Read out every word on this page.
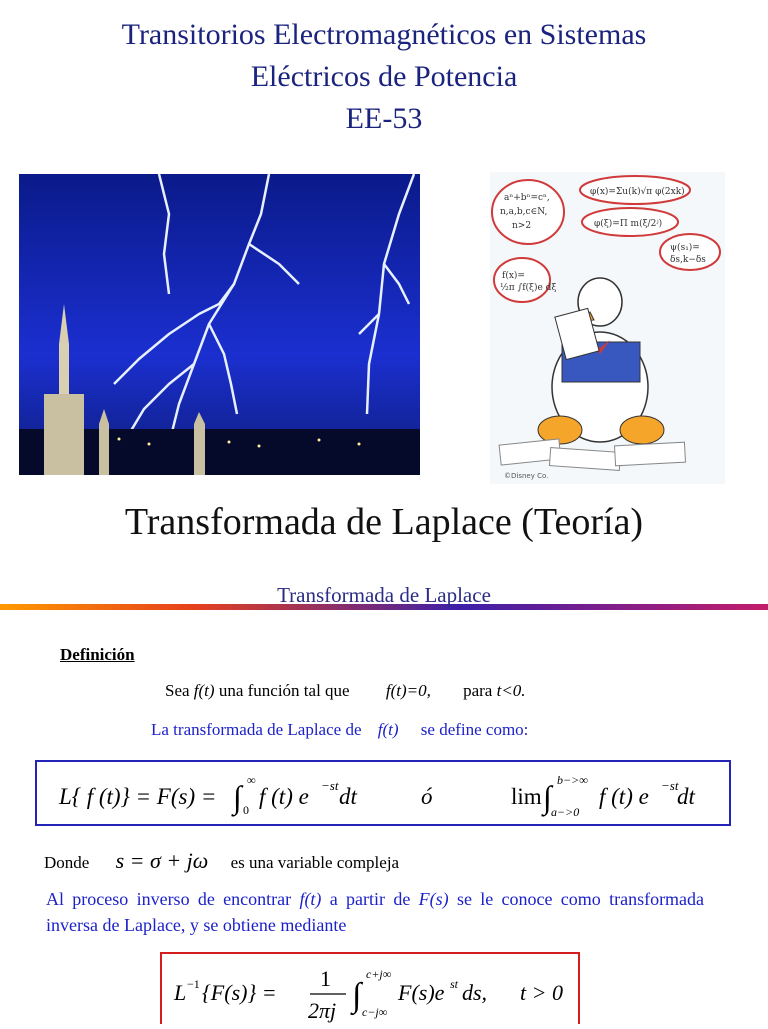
Transitorios Electromagnéticos en Sistemas
Eléctricos de Potencia
EE-53
aⁿ+bⁿ=cⁿ,
n,a,b,c∈N,
n>2
φ(x)=Σu(k)√π φ(2xk)
φ(ξ)=Π m(ξ/2ʲ)
ψ(s₁)=
δs,k−δs
f(x)=
½π ∫f(ξ)e dξ
©Disney Co.
Transformada de Laplace (Teoría)
Transformada de Laplace
Definición
Sea f(t) una función tal que f(t)=0, para t<0.
La transformada de Laplace de f(t) se define como:
L{ f (t)} = F(s) = ∫ ∞
0
f (t) e −st dt	ó	lim ∫ b−>∞
a−>0
f (t) e −st
dt
Donde s = σ + jω es una variable compleja
Al proceso inverso de encontrar f(t) a partir de F(s) se le conoce como transformada inversa de Laplace, y se obtiene mediante
L −1 {F(s)} =
1
2πj ∫
c+j∞
c−j∞
F(s)e st ds, t > 0
